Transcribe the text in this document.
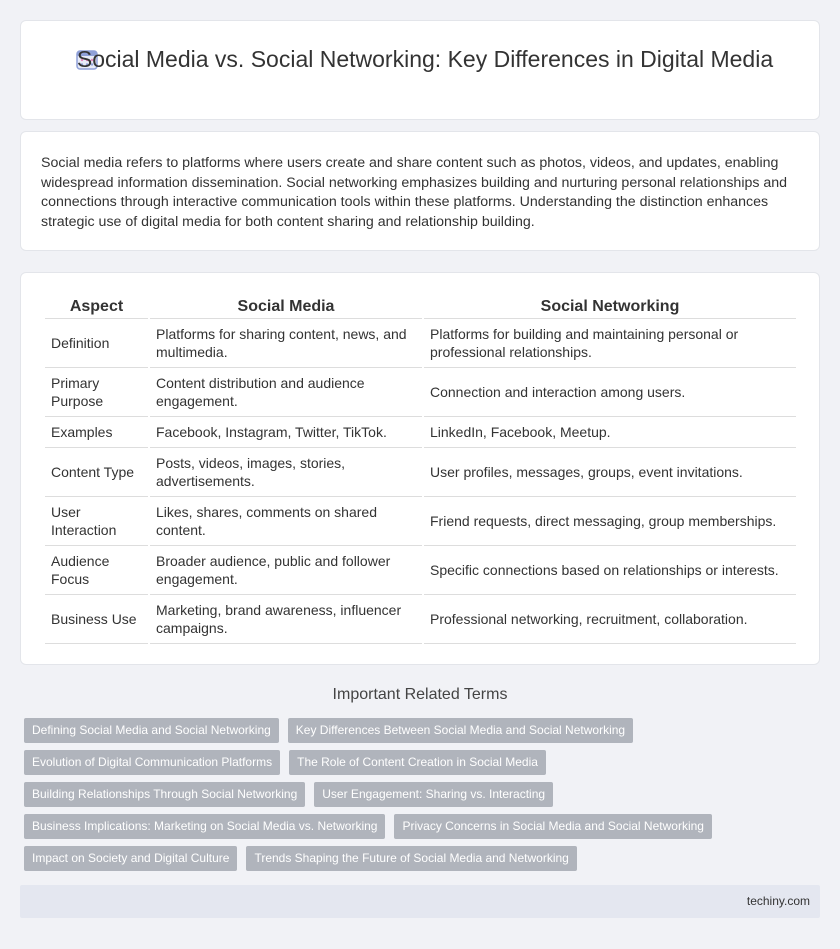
Social Media vs. Social Networking: Key Differences in Digital Media

Social media refers to platforms where users create and share content such as photos, videos, and updates, enabling widespread information dissemination. Social networking emphasizes building and nurturing personal relationships and connections through interactive communication tools within these platforms. Understanding the distinction enhances strategic use of digital media for both content sharing and relationship building.

Aspect	Social Media	Social Networking
Definition	Platforms for sharing content, news, and multimedia.	Platforms for building and maintaining personal or professional relationships.
Primary Purpose	Content distribution and audience engagement.	Connection and interaction among users.
Examples	Facebook, Instagram, Twitter, TikTok.	LinkedIn, Facebook, Meetup.
Content Type	Posts, videos, images, stories, advertisements.	User profiles, messages, groups, event invitations.
User Interaction	Likes, shares, comments on shared content.	Friend requests, direct messaging, group memberships.
Audience Focus	Broader audience, public and follower engagement.	Specific connections based on relationships or interests.
Business Use	Marketing, brand awareness, influencer campaigns.	Professional networking, recruitment, collaboration.
Important Related Terms
Defining Social Media and Social Networking Key Differences Between Social Media and Social Networking
Evolution of Digital Communication Platforms The Role of Content Creation in Social Media
Building Relationships Through Social Networking User Engagement: Sharing vs. Interacting
Business Implications: Marketing on Social Media vs. Networking Privacy Concerns in Social Media and Social Networking
Impact on Society and Digital Culture Trends Shaping the Future of Social Media and Networking
techiny.com
